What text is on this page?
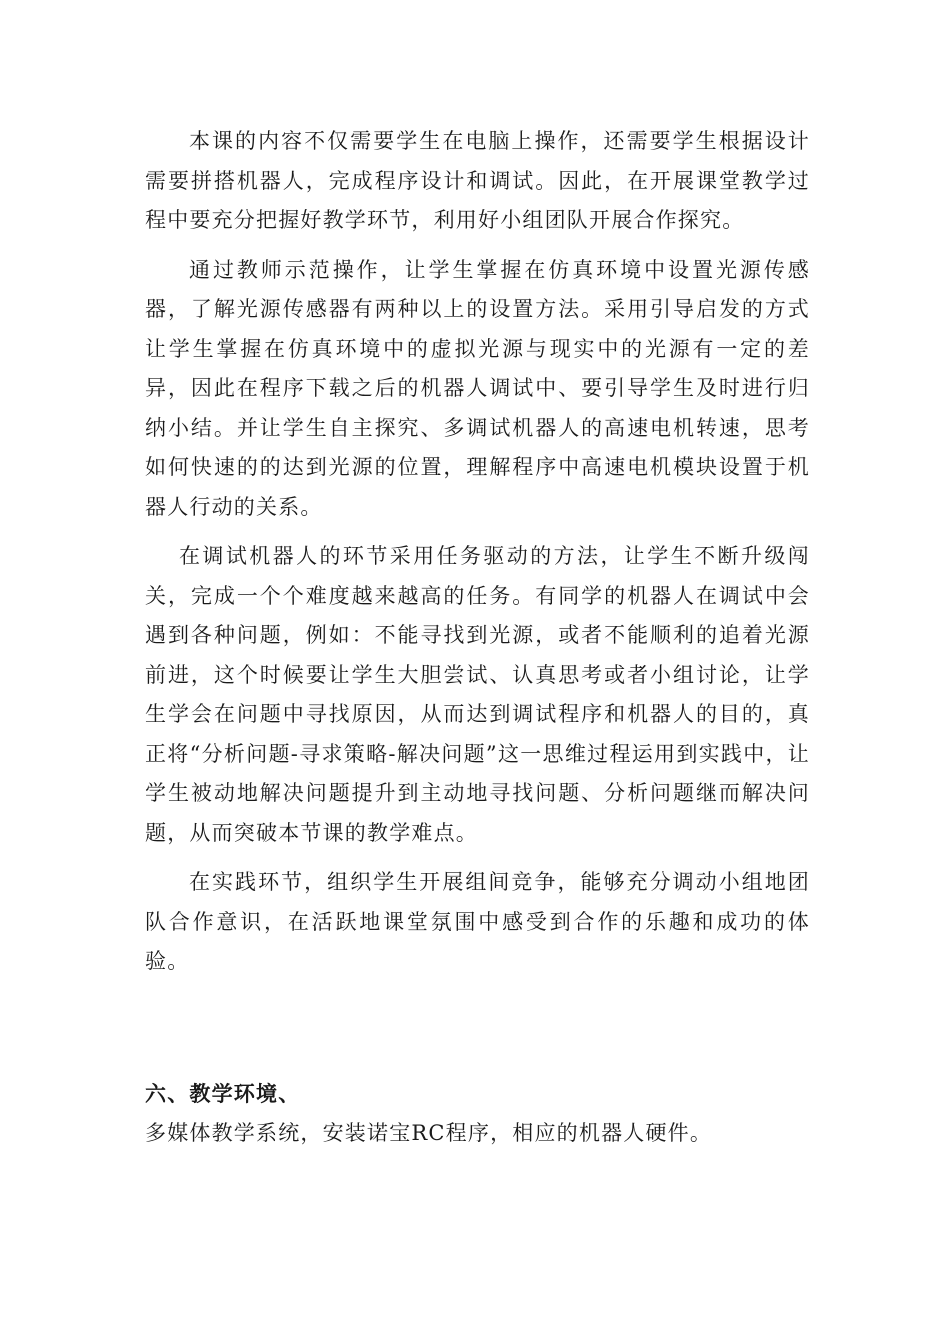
本课的内容不仅需要学生在电脑上操作，还需要学生根据设计需要拼搭机器人，完成程序设计和调试。因此，在开展课堂教学过程中要充分把握好教学环节，利用好小组团队开展合作探究。

通过教师示范操作，让学生掌握在仿真环境中设置光源传感器，了解光源传感器有两种以上的设置方法。采用引导启发的方式让学生掌握在仿真环境中的虚拟光源与现实中的光源有一定的差异，因此在程序下载之后的机器人调试中、要引导学生及时进行归纳小结。并让学生自主探究、多调试机器人的高速电机转速，思考如何快速的的达到光源的位置，理解程序中高速电机模块设置于机器人行动的关系。

在调试机器人的环节采用任务驱动的方法，让学生不断升级闯关，完成一个个难度越来越高的任务。有同学的机器人在调试中会遇到各种问题，例如：不能寻找到光源，或者不能顺利的追着光源前进，这个时候要让学生大胆尝试、认真思考或者小组讨论，让学生学会在问题中寻找原因，从而达到调试程序和机器人的目的，真正将“分析问题-寻求策略-解决问题”这一思维过程运用到实践中，让学生被动地解决问题提升到主动地寻找问题、分析问题继而解决问题，从而突破本节课的教学难点。

在实践环节，组织学生开展组间竞争，能够充分调动小组地团队合作意识，在活跃地课堂氛围中感受到合作的乐趣和成功的体验。

六、教学环境、

多媒体教学系统，安装诺宝RC程序，相应的机器人硬件。
